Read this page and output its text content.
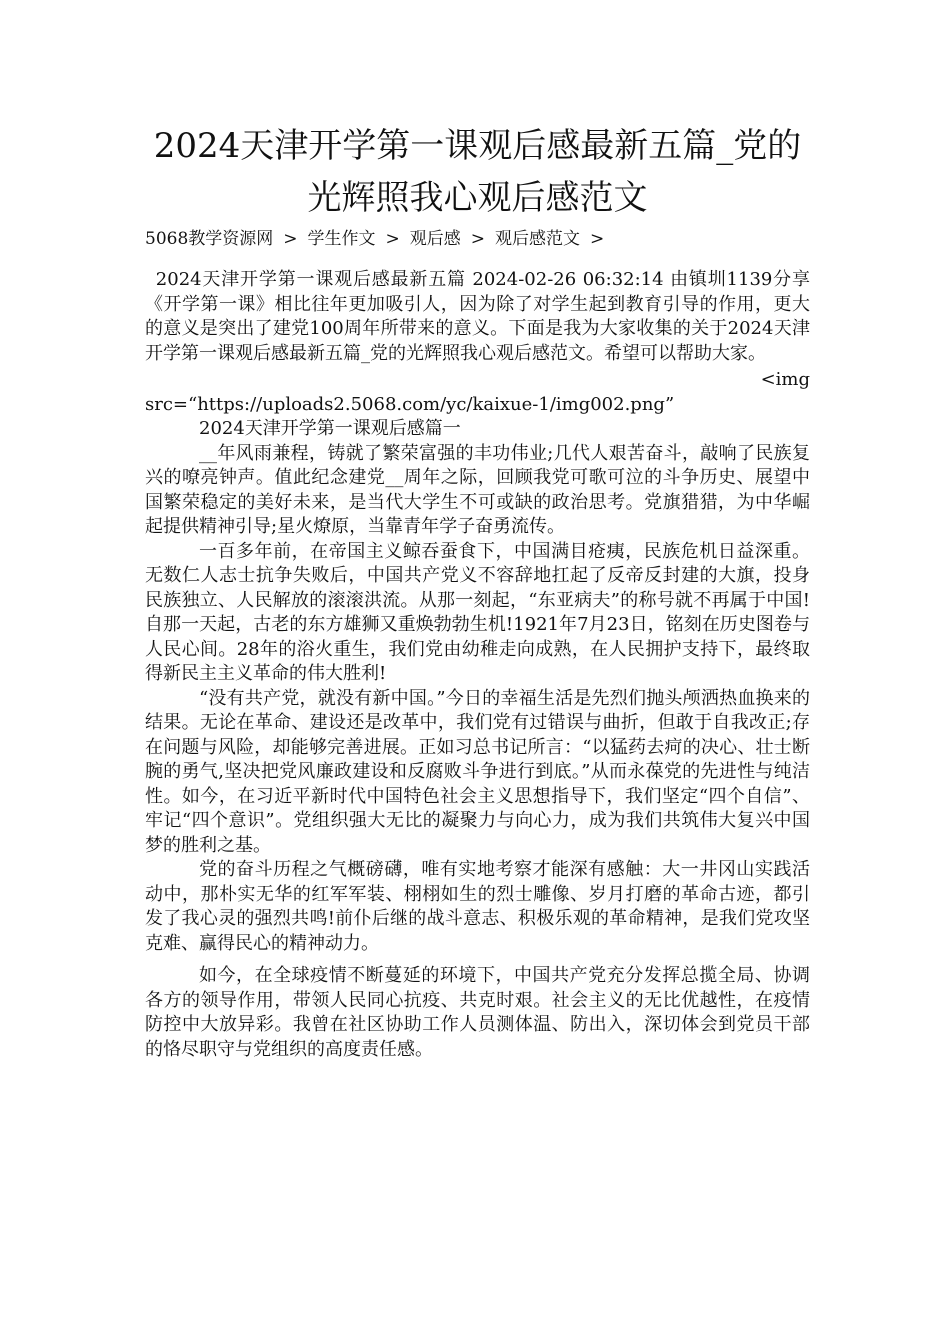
2024天津开学第一课观后感最新五篇_党的
光辉照我心观后感范文
5068教学资源网 > 学生作文 > 观后感 > 观后感范文 >

2024天津开学第一课观后感最新五篇 2024-02-26 06:32:14 由镇圳1139分享《开学第一课》相比往年更加吸引人，因为除了对学生起到教育引导的作用，更大的意义是突出了建党100周年所带来的意义。下面是我为大家收集的关于2024天津开学第一课观后感最新五篇_党的光辉照我心观后感范文。希望可以帮助大家。

<img

src=“https://uploads2.5068.com/yc/kaixue-1/img002.png”

2024天津开学第一课观后感篇一

__年风雨兼程，铸就了繁荣富强的丰功伟业;几代人艰苦奋斗，敲响了民族复兴的嘹亮钟声。值此纪念建党__周年之际，回顾我党可歌可泣的斗争历史、展望中国繁荣稳定的美好未来，是当代大学生不可或缺的政治思考。党旗猎猎，为中华崛起提供精神引导;星火燎原，当靠青年学子奋勇流传。

一百多年前，在帝国主义鲸吞蚕食下，中国满目疮痍，民族危机日益深重。无数仁人志士抗争失败后，中国共产党义不容辞地扛起了反帝反封建的大旗，投身民族独立、人民解放的滚滚洪流。从那一刻起，“东亚病夫”的称号就不再属于中国!自那一天起，古老的东方雄狮又重焕勃勃生机!1921年7月23日，铭刻在历史图卷与人民心间。28年的浴火重生，我们党由幼稚走向成熟，在人民拥护支持下，最终取得新民主主义革命的伟大胜利!

“没有共产党，就没有新中国。”今日的幸福生活是先烈们抛头颅洒热血换来的结果。无论在革命、建设还是改革中，我们党有过错误与曲折，但敢于自我改正;存在问题与风险，却能够完善进展。正如习总书记所言：“以猛药去疴的决心、壮士断腕的勇气,坚决把党风廉政建设和反腐败斗争进行到底。”从而永葆党的先进性与纯洁性。如今，在习近平新时代中国特色社会主义思想指导下，我们坚定“四个自信”、牢记“四个意识”。党组织强大无比的凝聚力与向心力，成为我们共筑伟大复兴中国梦的胜利之基。

党的奋斗历程之气概磅礴，唯有实地考察才能深有感触：大一井冈山实践活动中，那朴实无华的红军军装、栩栩如生的烈士雕像、岁月打磨的革命古迹，都引发了我心灵的强烈共鸣!前仆后继的战斗意志、积极乐观的革命精神，是我们党攻坚克难、赢得民心的精神动力。

如今，在全球疫情不断蔓延的环境下，中国共产党充分发挥总揽全局、协调各方的领导作用，带领人民同心抗疫、共克时艰。社会主义的无比优越性，在疫情防控中大放异彩。我曾在社区协助工作人员测体温、防出入，深切体会到党员干部的恪尽职守与党组织的高度责任感。
